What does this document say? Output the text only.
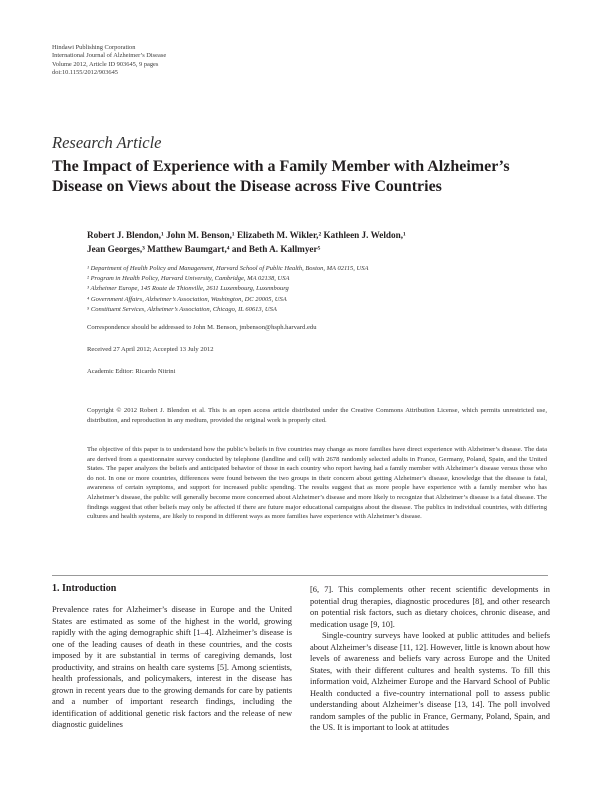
Hindawi Publishing Corporation
International Journal of Alzheimer’s Disease
Volume 2012, Article ID 903645, 9 pages
doi:10.1155/2012/903645
Research Article
The Impact of Experience with a Family Member with Alzheimer’s
Disease on Views about the Disease across Five Countries
Robert J. Blendon,¹ John M. Benson,¹ Elizabeth M. Wikler,² Kathleen J. Weldon,¹
Jean Georges,³ Matthew Baumgart,⁴ and Beth A. Kallmyer⁵
¹ Department of Health Policy and Management, Harvard School of Public Health, Boston, MA 02115, USA
² Program in Health Policy, Harvard University, Cambridge, MA 02138, USA
³ Alzheimer Europe, 145 Route de Thionville, 2611 Luxembourg, Luxembourg
⁴ Government Affairs, Alzheimer’s Association, Washington, DC 20005, USA
⁵ Constituent Services, Alzheimer’s Association, Chicago, IL 60613, USA
Correspondence should be addressed to John M. Benson, jmbenson@hsph.harvard.edu
Received 27 April 2012; Accepted 13 July 2012
Academic Editor: Ricardo Nitrini
Copyright © 2012 Robert J. Blendon et al. This is an open access article distributed under the Creative Commons Attribution License, which permits unrestricted use, distribution, and reproduction in any medium, provided the original work is properly cited.
The objective of this paper is to understand how the public’s beliefs in five countries may change as more families have direct experience with Alzheimer’s disease. The data are derived from a questionnaire survey conducted by telephone (landline and cell) with 2678 randomly selected adults in France, Germany, Poland, Spain, and the United States. The paper analyzes the beliefs and anticipated behavior of those in each country who report having had a family member with Alzheimer’s disease versus those who do not. In one or more countries, differences were found between the two groups in their concern about getting Alzheimer’s disease, knowledge that the disease is fatal, awareness of certain symptoms, and support for increased public spending. The results suggest that as more people have experience with a family member who has Alzheimer’s disease, the public will generally become more concerned about Alzheimer’s disease and more likely to recognize that Alzheimer’s disease is a fatal disease. The findings suggest that other beliefs may only be affected if there are future major educational campaigns about the disease. The publics in individual countries, with differing cultures and health systems, are likely to respond in different ways as more families have experience with Alzheimer’s disease.
1. Introduction

Prevalence rates for Alzheimer’s disease in Europe and the United States are estimated as some of the highest in the world, growing rapidly with the aging demographic shift [1–4]. Alzheimer’s disease is one of the leading causes of death in these countries, and the costs imposed by it are substantial in terms of caregiving demands, lost productivity, and strains on health care systems [5]. Among scientists, health professionals, and policymakers, interest in the disease has grown in recent years due to the growing demands for care by patients and a number of important research findings, including the identification of additional genetic risk factors and the release of new diagnostic guidelines

[6, 7]. This complements other recent scientific developments in potential drug therapies, diagnostic procedures [8], and other research on potential risk factors, such as dietary choices, chronic disease, and medication usage [9, 10].

Single-country surveys have looked at public attitudes and beliefs about Alzheimer’s disease [11, 12]. However, little is known about how levels of awareness and beliefs vary across Europe and the United States, with their different cultures and health systems. To fill this information void, Alzheimer Europe and the Harvard School of Public Health conducted a five-country international poll to assess public understanding about Alzheimer’s disease [13, 14]. The poll involved random samples of the public in France, Germany, Poland, Spain, and the US. It is important to look at attitudes
